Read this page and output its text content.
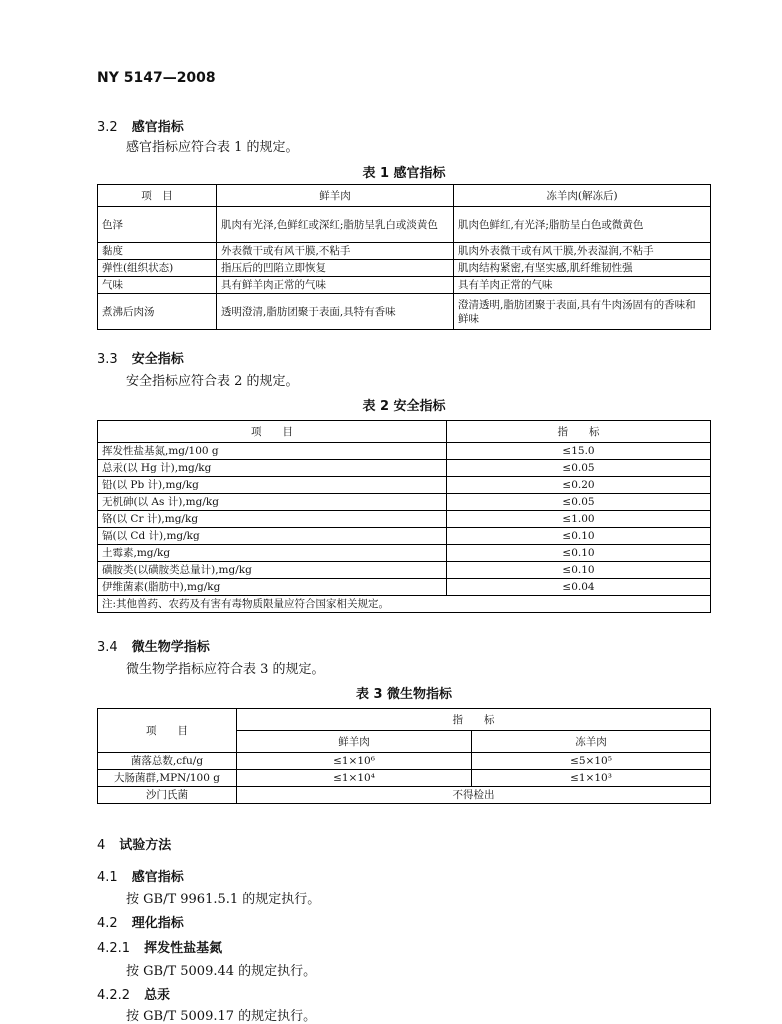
NY 5147—2008
3.2 感官指标
感官指标应符合表 1 的规定。
表 1 感官指标
项　目	鲜羊肉	冻羊肉(解冻后)
色泽	肌肉有光泽,色鲜红或深红;脂肪呈乳白或淡黄色	肌肉色鲜红,有光泽;脂肪呈白色或微黄色
黏度	外表微干或有风干膜,不粘手	肌肉外表微干或有风干膜,外表湿润,不粘手
弹性(组织状态)	指压后的凹陷立即恢复	肌肉结构紧密,有坚实感,肌纤维韧性强
气味	具有鲜羊肉正常的气味	具有羊肉正常的气味
煮沸后肉汤	透明澄清,脂肪团聚于表面,具特有香味	澄清透明,脂肪团聚于表面,具有牛肉汤固有的香味和鲜味
3.3 安全指标
安全指标应符合表 2 的规定。
表 2 安全指标
项　　目	指　　标
挥发性盐基氮,mg/100 g	≤15.0
总汞(以 Hg 计),mg/kg	≤0.05
铅(以 Pb 计),mg/kg	≤0.20
无机砷(以 As 计),mg/kg	≤0.05
铬(以 Cr 计),mg/kg	≤1.00
镉(以 Cd 计),mg/kg	≤0.10
土霉素,mg/kg	≤0.10
磺胺类(以磺胺类总量计),mg/kg	≤0.10
伊维菌素(脂肪中),mg/kg	≤0.04
注:其他兽药、农药及有害有毒物质限量应符合国家相关规定。	
3.4 微生物学指标
微生物学指标应符合表 3 的规定。
表 3 微生物指标
项　　目	指　　标	
	鲜羊肉	冻羊肉
菌落总数,cfu/g	≤1×10⁶	≤5×10⁵
大肠菌群,MPN/100 g	≤1×10⁴	≤1×10³
沙门氏菌	不得检出	
4 试验方法
4.1 感官指标
按 GB/T 9961.5.1 的规定执行。
4.2 理化指标
4.2.1 挥发性盐基氮
按 GB/T 5009.44 的规定执行。
4.2.2 总汞
按 GB/T 5009.17 的规定执行。
